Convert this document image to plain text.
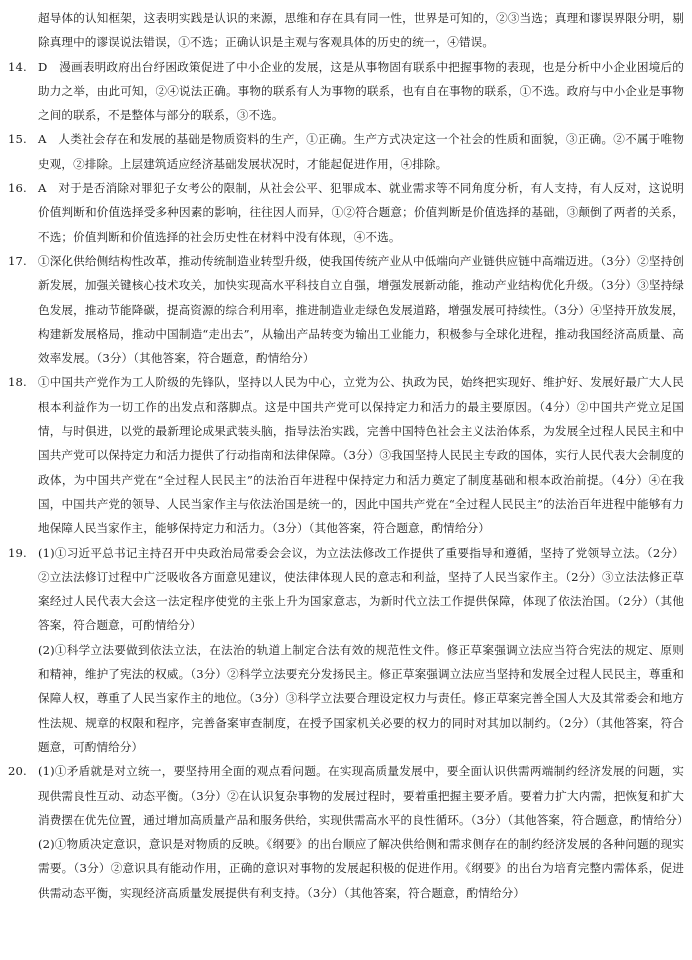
超导体的认知框架，这表明实践是认识的来源，思维和存在具有同一性，世界是可知的，②③当选；真理和谬误界限分明，剔除真理中的谬误说法错误，①不选；正确认识是主观与客观具体的历史的统一，④错误。

14. D　漫画表明政府出台纾困政策促进了中小企业的发展，这是从事物固有联系中把握事物的表现，也是分析中小企业困境后的助力之举，由此可知，②④说法正确。事物的联系有人为事物的联系，也有自在事物的联系，①不选。政府与中小企业是事物之间的联系，不是整体与部分的联系，③不选。
15. A　人类社会存在和发展的基础是物质资料的生产，①正确。生产方式决定这一个社会的性质和面貌，③正确。②不属于唯物史观，②排除。上层建筑适应经济基础发展状况时，才能起促进作用，④排除。
16. A　对于是否消除对罪犯子女考公的限制，从社会公平、犯罪成本、就业需求等不同角度分析，有人支持，有人反对，这说明价值判断和价值选择受多种因素的影响，往往因人而异，①②符合题意；价值判断是价值选择的基础，③颠倒了两者的关系，不选；价值判断和价值选择的社会历史性在材料中没有体现，④不选。
17. ①深化供给侧结构性改革，推动传统制造业转型升级，使我国传统产业从中低端向产业链供应链中高端迈进。（3分）②坚持创新发展，加强关键核心技术攻关，加快实现高水平科技自立自强，增强发展新动能，推动产业结构优化升级。（3分）③坚持绿色发展，推动节能降碳，提高资源的综合利用率，推进制造业走绿色发展道路，增强发展可持续性。（3分）④坚持开放发展，构建新发展格局，推动中国制造“走出去”，从输出产品转变为输出工业能力，积极参与全球化进程，推动我国经济高质量、高效率发展。（3分）（其他答案，符合题意，酌情给分）
18. ①中国共产党作为工人阶级的先锋队，坚持以人民为中心，立党为公、执政为民，始终把实现好、维护好、发展好最广大人民根本利益作为一切工作的出发点和落脚点。这是中国共产党可以保持定力和活力的最主要原因。（4分）②中国共产党立足国情，与时俱进，以党的最新理论成果武装头脑，指导法治实践，完善中国特色社会主义法治体系，为发展全过程人民民主和中国共产党可以保持定力和活力提供了行动指南和法律保障。（3分）③我国坚持人民民主专政的国体，实行人民代表大会制度的政体，为中国共产党在“全过程人民民主”的法治百年进程中保持定力和活力奠定了制度基础和根本政治前提。（4分）④在我国，中国共产党的领导、人民当家作主与依法治国是统一的，因此中国共产党在“全过程人民民主”的法治百年进程中能够有力地保障人民当家作主，能够保持定力和活力。（3分）（其他答案，符合题意，酌情给分）
19. (1)①习近平总书记主持召开中央政治局常委会会议，为立法法修改工作提供了重要指导和遵循，坚持了党领导立法。（2分）②立法法修订过程中广泛吸收各方面意见建议，使法律体现人民的意志和利益，坚持了人民当家作主。（2分）③立法法修正草案经过人民代表大会这一法定程序使党的主张上升为国家意志，为新时代立法工作提供保障，体现了依法治国。（2分）（其他答案，符合题意，可酌情给分）

(2)①科学立法要做到依法立法，在法治的轨道上制定合法有效的规范性文件。修正草案强调立法应当符合宪法的规定、原则和精神，维护了宪法的权威。（3分）②科学立法要充分发扬民主。修正草案强调立法应当坚持和发展全过程人民民主，尊重和保障人权，尊重了人民当家作主的地位。（3分）③科学立法要合理设定权力与责任。修正草案完善全国人大及其常委会和地方性法规、规章的权限和程序，完善备案审查制度，在授予国家机关必要的权力的同时对其加以制约。（2分）（其他答案，符合题意，可酌情给分）

20. (1)①矛盾就是对立统一，要坚持用全面的观点看问题。在实现高质量发展中，要全面认识供需两端制约经济发展的问题，实现供需良性互动、动态平衡。（3分）②在认识复杂事物的发展过程时，要着重把握主要矛盾。要着力扩大内需，把恢复和扩大消费摆在优先位置，通过增加高质量产品和服务供给，实现供需高水平的良性循环。（3分）（其他答案，符合题意，酌情给分）

(2)①物质决定意识，意识是对物质的反映。《纲要》的出台顺应了解决供给侧和需求侧存在的制约经济发展的各种问题的现实需要。（3分）②意识具有能动作用，正确的意识对事物的发展起积极的促进作用。《纲要》的出台为培育完整内需体系，促进供需动态平衡，实现经济高质量发展提供有利支持。（3分）（其他答案，符合题意，酌情给分）
